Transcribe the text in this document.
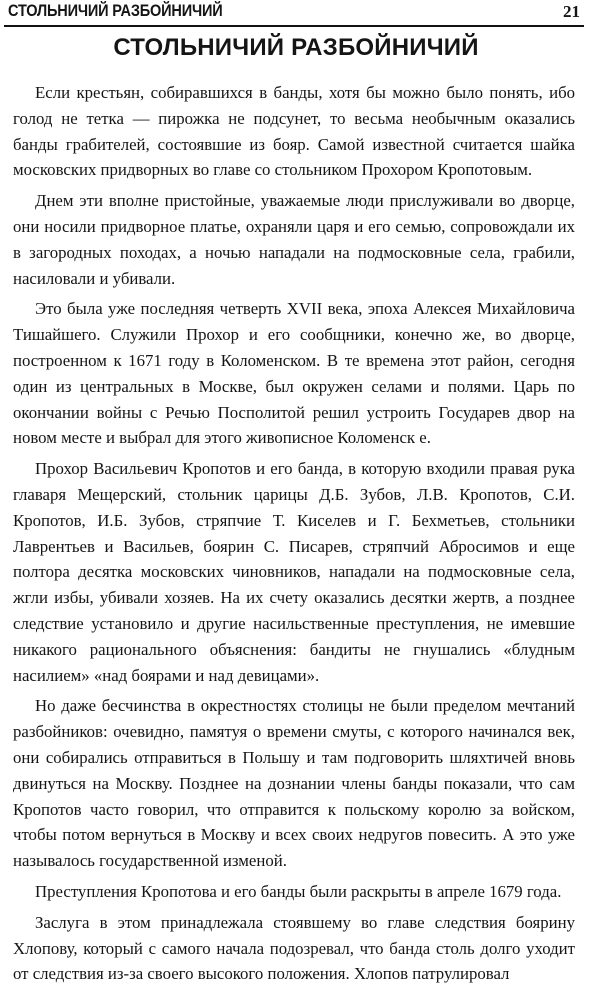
СТОЛЬНИЧИЙ РАЗБОЙНИЧИЙ	21
СТОЛЬНИЧИЙ РАЗБОЙНИЧИЙ

Если крестьян, собиравшихся в банды, хотя бы можно было понять, ибо голод не тетка — пирожка не подсунет, то весьма необычным оказались банды грабителей, состоявшие из бояр. Самой известной считается шайка московских придворных во главе со стольником Прохором Кропотовым.

Днем эти вполне пристойные, уважаемые люди прислуживали во дворце, они носили придворное платье, охраняли царя и его семью, сопровождали их в загородных походах, а ночью нападали на подмосковные села, грабили, насиловали и убивали.

Это была уже последняя четверть XVII века, эпоха Алексея Михайловича Тишайшего. Служили Прохор и его сообщники, конечно же, во дворце, построенном к 1671 году в Коломенском. В те времена этот район, сегодня один из центральных в Москве, был окружен селами и полями. Царь по окончании войны с Речью Посполитой решил устроить Государев двор на новом месте и выбрал для этого живописное Коломенск е.

Прохор Васильевич Кропотов и его банда, в которую входили правая рука главаря Мещерский, стольник царицы Д.Б. Зубов, Л.В. Кропотов, С.И. Кропотов, И.Б. Зубов, стряпчие Т. Киселев и Г. Бехметьев, стольники Лаврентьев и Васильев, боярин С. Писарев, стряпчий Абросимов и еще полтора десятка московских чиновников, нападали на подмосковные села, жгли избы, убивали хозяев. На их счету оказались десятки жертв, а позднее следствие установило и другие насильственные преступления, не имевшие никакого рационального объяснения: бандиты не гнушались «блудным насилием» «над боярами и над девицами».

Но даже бесчинства в окрестностях столицы не были пределом мечтаний разбойников: очевидно, памятуя о времени смуты, с которого начинался век, они собирались отправиться в Польшу и там подговорить шляхтичей вновь двинуться на Москву. Позднее на дознании члены банды показали, что сам Кропотов часто говорил, что отправится к польскому королю за войском, чтобы потом вернуться в Москву и всех своих недругов повесить. А это уже называлось государственной изменой.

Преступления Кропотова и его банды были раскрыты в апреле 1679 года.

Заслуга в этом принадлежала стоявшему во главе следствия боярину Хлопову, который с самого начала подозревал, что банда столь долго уходит от следствия из-за своего высокого положения. Хлопов патрулировал
